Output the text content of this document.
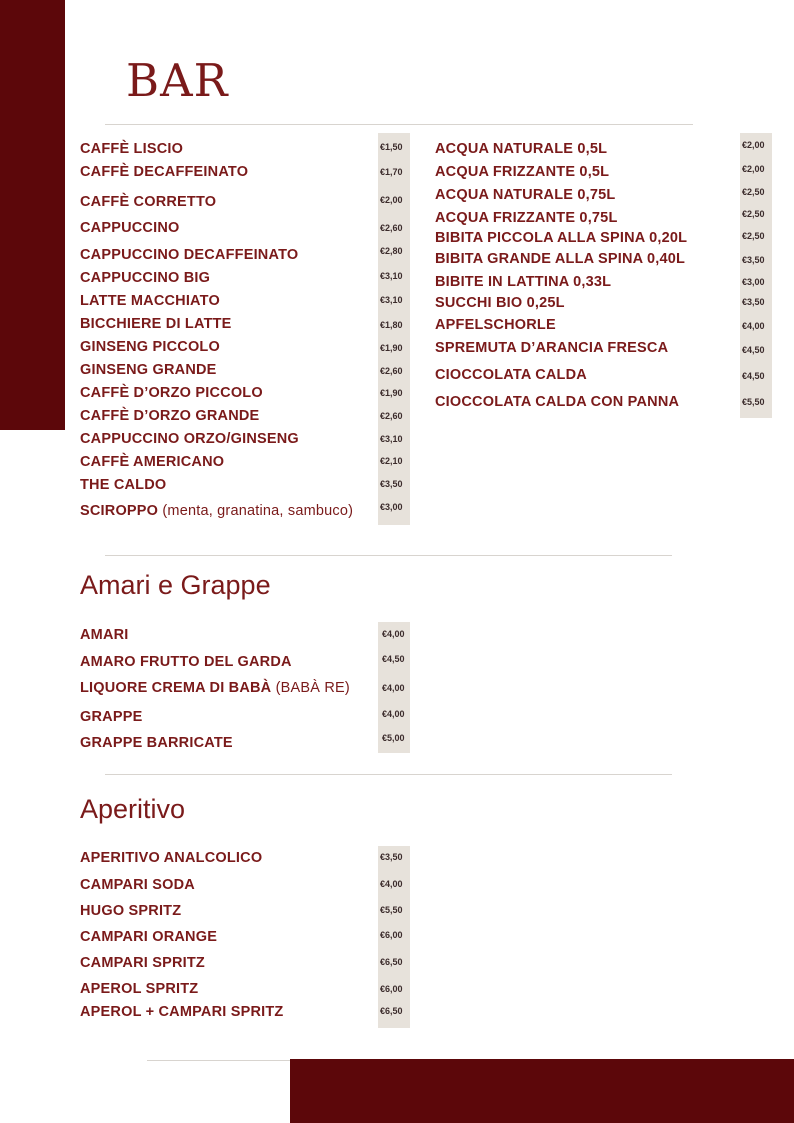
BAR
CAFFÈ LISCIO	€1,50
CAFFÈ DECAFFEINATO	€1,70
CAFFÈ CORRETTO	€2,00
CAPPUCCINO	€2,60
CAPPUCCINO DECAFFEINATO	€2,80
CAPPUCCINO BIG	€3,10
LATTE MACCHIATO	€3,10
BICCHIERE DI LATTE	€1,80
GINSENG PICCOLO	€1,90
GINSENG GRANDE	€2,60
CAFFÈ D’ORZO PICCOLO	€1,90
CAFFÈ D’ORZO GRANDE	€2,60
CAPPUCCINO ORZO/GINSENG	€3,10
CAFFÈ AMERICANO	€2,10
THE CALDO	€3,50
SCIROPPO (menta, granatina, sambuco)	€3,00
ACQUA NATURALE 0,5L	€2,00
ACQUA FRIZZANTE 0,5L	€2,00
ACQUA NATURALE 0,75L	€2,50
ACQUA FRIZZANTE 0,75L	€2,50
BIBITA PICCOLA ALLA SPINA 0,20L	€2,50
BIBITA GRANDE ALLA SPINA 0,40L	€3,50
BIBITE IN LATTINA 0,33L	€3,00
SUCCHI BIO 0,25L	€3,50
APFELSCHORLE	€4,00
SPREMUTA D’ARANCIA FRESCA	€4,50
CIOCCOLATA CALDA	€4,50
CIOCCOLATA CALDA CON PANNA	€5,50
Amari e Grappe
AMARI	€4,00
AMARO FRUTTO DEL GARDA	€4,50
LIQUORE CREMA DI BABÀ (BABÀ RE)	€4,00
GRAPPE	€4,00
GRAPPE BARRICATE	€5,00
Aperitivo
APERITIVO ANALCOLICO	€3,50
CAMPARI SODA	€4,00
HUGO SPRITZ	€5,50
CAMPARI ORANGE	€6,00
CAMPARI SPRITZ	€6,50
APEROL SPRITZ	€6,00
APEROL + CAMPARI SPRITZ	€6,50
